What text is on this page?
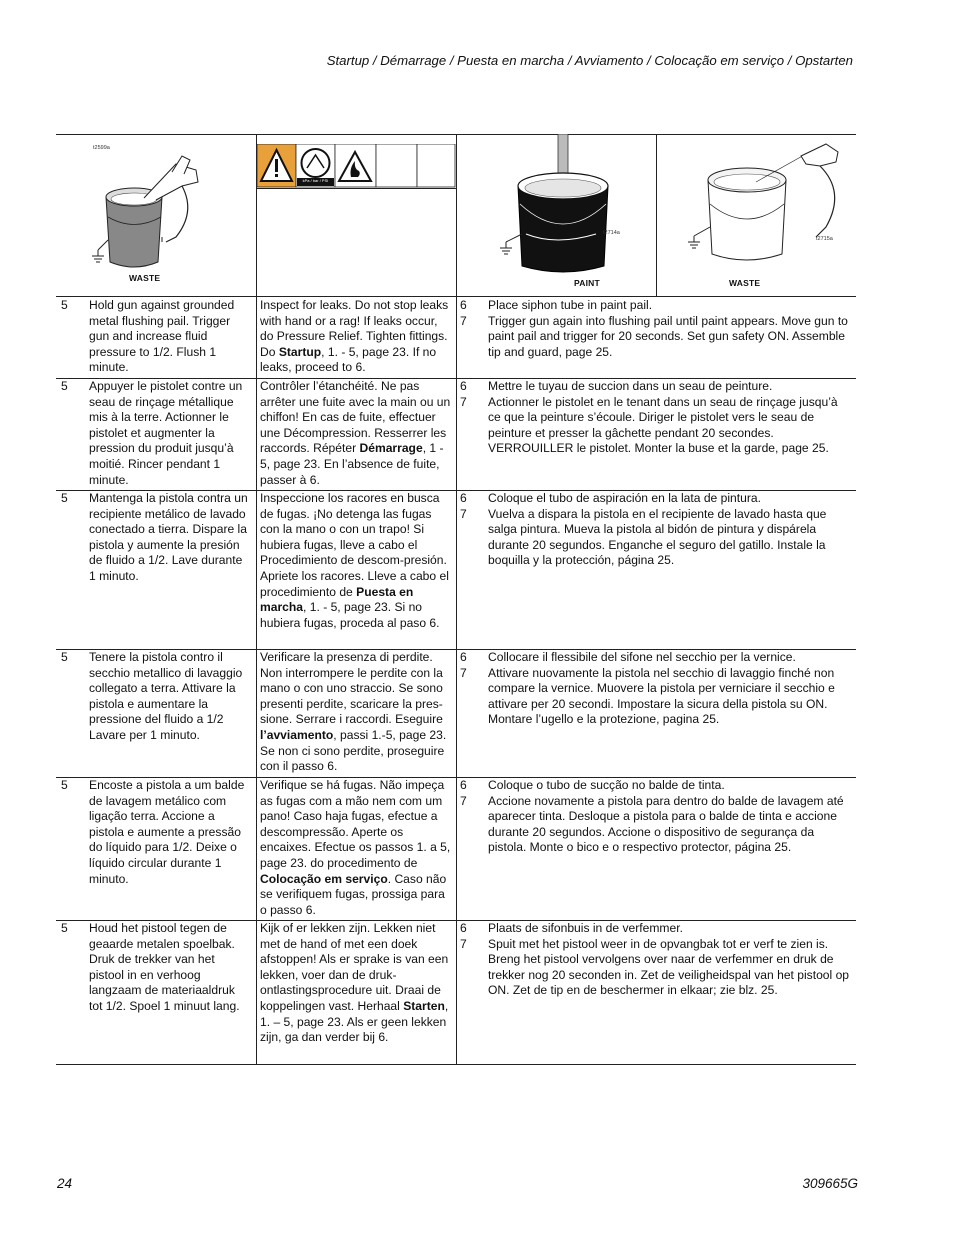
Startup / Démarrage / Puesta en marcha / Avviamento / Colocação em serviço / Opstarten
t2599a
WASTE
kPa / bar / PSI
t2714a
PAINT
t2715a
WASTE
5 Hold gun against grounded metal flushing pail. Trigger gun and increase fluid pressure to 1/2. Flush 1 minute.
Inspect for leaks. Do not stop leaks with hand or a rag! If leaks occur, do Pressure Relief. Tighten fittings. Do Startup, 1. - 5, page 23. If no leaks, proceed to 6.
6 Place siphon tube in paint pail.
7 Trigger gun again into flushing pail until paint appears. Move gun to paint pail and trigger for 20 seconds. Set gun safety ON. Assemble tip and guard, page 25.
5 Appuyer le pistolet contre un seau de rinçage métallique mis à la terre. Actionner le pistolet et augmenter la pression du produit jusqu’à moitié. Rincer pendant 1 minute.
Contrôler l’étanchéité. Ne pas arrêter une fuite avec la main ou un chiffon! En cas de fuite, effectuer une Décompression. Resserrer les raccords. Répéter Démarrage, 1 - 5, page 23. En l’absence de fuite, passer à 6.
6 Mettre le tuyau de succion dans un seau de peinture.
7 Actionner le pistolet en le tenant dans un seau de rinçage jusqu’à ce que la peinture s’écoule. Diriger le pistolet vers le seau de peinture et presser la gâchette pendant 20 secondes. VERROUILLER le pistolet. Monter la buse et la garde, page 25.
5 Mantenga la pistola contra un recipiente metálico de lavado conectado a tierra. Dispare la pistola y aumente la presión de fluido a 1/2. Lave durante 1 minuto.
Inspeccione los racores en busca de fugas. ¡No detenga las fugas con la mano o con un trapo! Si hubiera fugas, lleve a cabo el Procedimiento de descom-presión. Apriete los racores. Lleve a cabo el procedimiento de Puesta en marcha, 1. - 5, page 23. Si no hubiera fugas, proceda al paso 6.
6 Coloque el tubo de aspiración en la lata de pintura.
7 Vuelva a dispara la pistola en el recipiente de lavado hasta que salga pintura. Mueva la pistola al bidón de pintura y dispárela durante 20 segundos. Enganche el seguro del gatillo. Instale la boquilla y la protección, página 25.
5 Tenere la pistola contro il secchio metallico di lavaggio collegato a terra. Attivare la pistola e aumentare la pressione del fluido a 1/2 Lavare per 1 minuto.
Verificare la presenza di perdite. Non interrompere le perdite con la mano o con uno straccio. Se sono presenti perdite, scaricare la pres-sione. Serrare i raccordi. Eseguire l’avviamento, passi 1.-5, page 23. Se non ci sono perdite, proseguire con il passo 6.
6 Collocare il flessibile del sifone nel secchio per la vernice.
7 Attivare nuovamente la pistola nel secchio di lavaggio finché non compare la vernice. Muovere la pistola per verniciare il secchio e attivare per 20 secondi. Impostare la sicura della pistola su ON. Montare l’ugello e la protezione, pagina 25.
5 Encoste a pistola a um balde de lavagem metálico com ligação terra. Accione a pistola e aumente a pressão do líquido para 1/2. Deixe o líquido circular durante 1 minuto.
Verifique se há fugas. Não impeça as fugas com a mão nem com um pano! Caso haja fugas, efectue a descompressão. Aperte os encaixes. Efectue os passos 1. a 5, page 23. do procedimento de Colocação em serviço. Caso não se verifiquem fugas, prossiga para o passo 6.
6 Coloque o tubo de sucção no balde de tinta.
7 Accione novamente a pistola para dentro do balde de lavagem até aparecer tinta. Desloque a pistola para o balde de tinta e accione durante 20 segundos. Accione o dispositivo de segurança da pistola. Monte o bico e o respectivo protector, página 25.
5 Houd het pistool tegen de geaarde metalen spoelbak. Druk de trekker van het pistool in en verhoog langzaam de materiaaldruk tot 1/2. Spoel 1 minuut lang.
Kijk of er lekken zijn. Lekken niet met de hand of met een doek afstoppen! Als er sprake is van een lekken, voer dan de druk-ontlastingsprocedure uit. Draai de koppelingen vast. Herhaal Starten, 1. – 5, page 23. Als er geen lekken zijn, ga dan verder bij 6.
6 Plaats de sifonbuis in de verfemmer.
7 Spuit met het pistool weer in de opvangbak tot er verf te zien is. Breng het pistool vervolgens over naar de verfemmer en druk de trekker nog 20 seconden in. Zet de veiligheidspal van het pistool op ON. Zet de tip en de beschermer in elkaar; zie blz. 25.
24	309665G
